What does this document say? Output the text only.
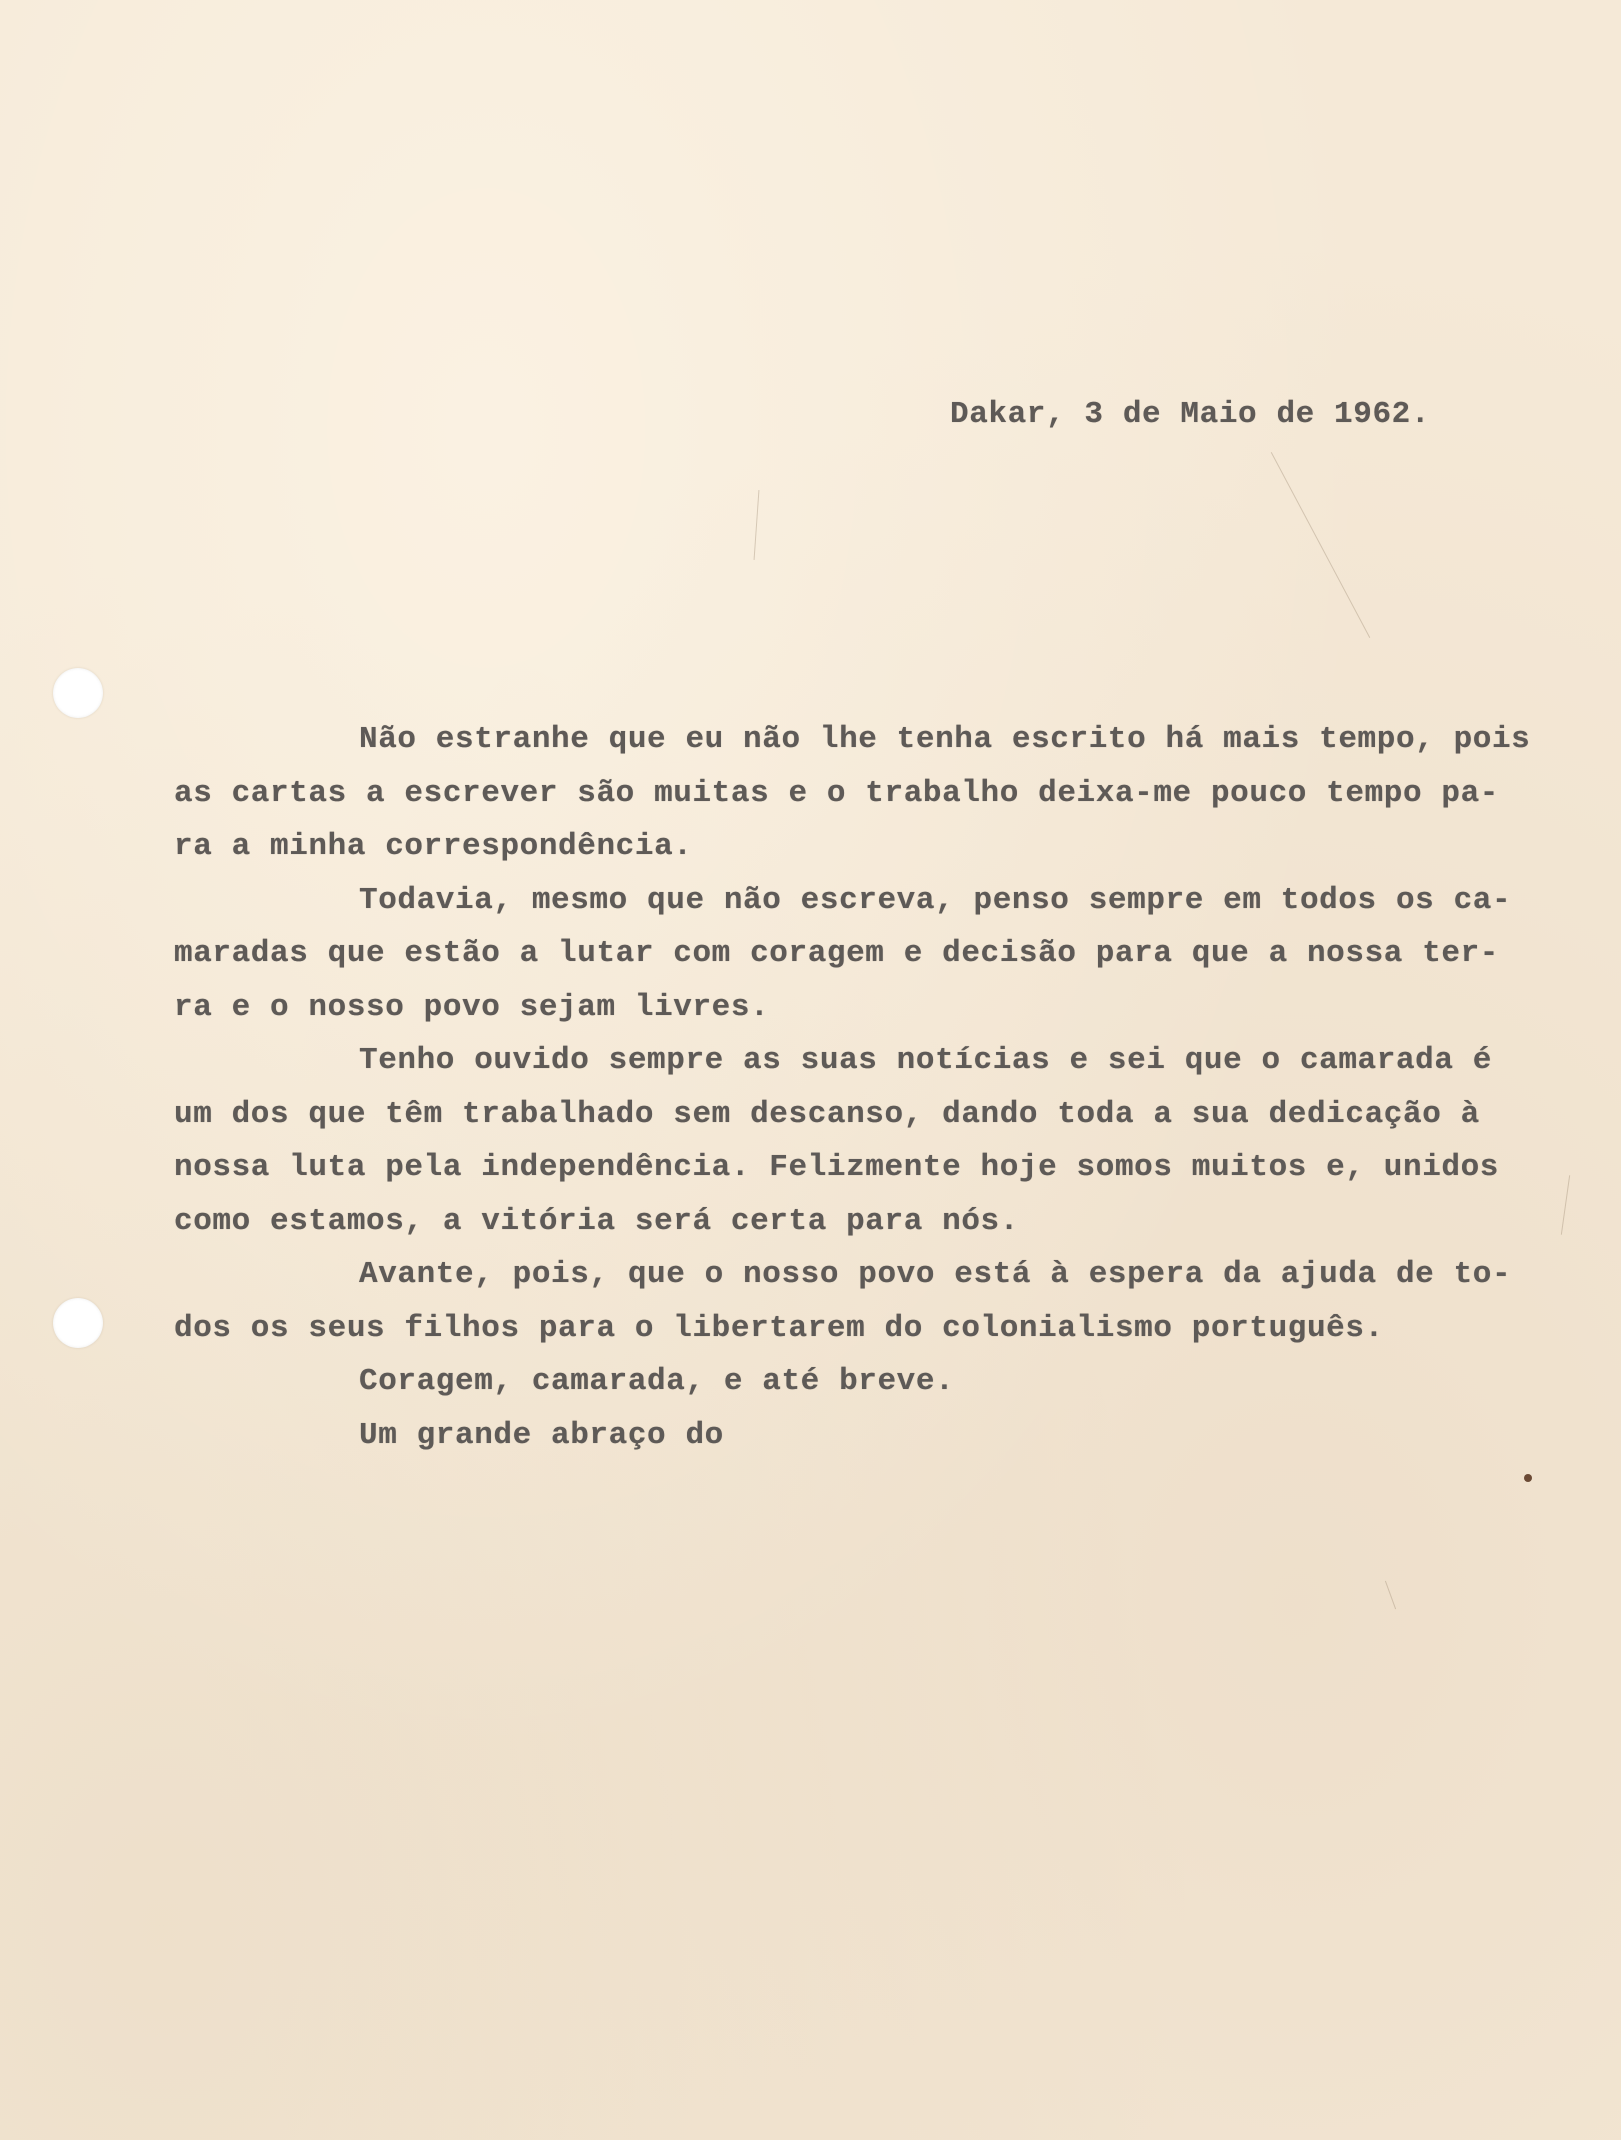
Dakar, 3 de Maio de 1962.
Não estranhe que eu não lhe tenha escrito há mais tempo, pois
as cartas a escrever são muitas e o trabalho deixa-me pouco tempo pa-
ra a minha correspondência.
Todavia, mesmo que não escreva, penso sempre em todos os ca-
maradas que estão a lutar com coragem e decisão para que a nossa ter-
ra e o nosso povo sejam livres.
Tenho ouvido sempre as suas notícias e sei que o camarada é
um dos que têm trabalhado sem descanso, dando toda a sua dedicação à
nossa luta pela independência. Felizmente hoje somos muitos e, unidos
como estamos, a vitória será certa para nós.
Avante, pois, que o nosso povo está à espera da ajuda de to-
dos os seus filhos para o libertarem do colonialismo português.
Coragem, camarada, e até breve.
Um grande abraço do
